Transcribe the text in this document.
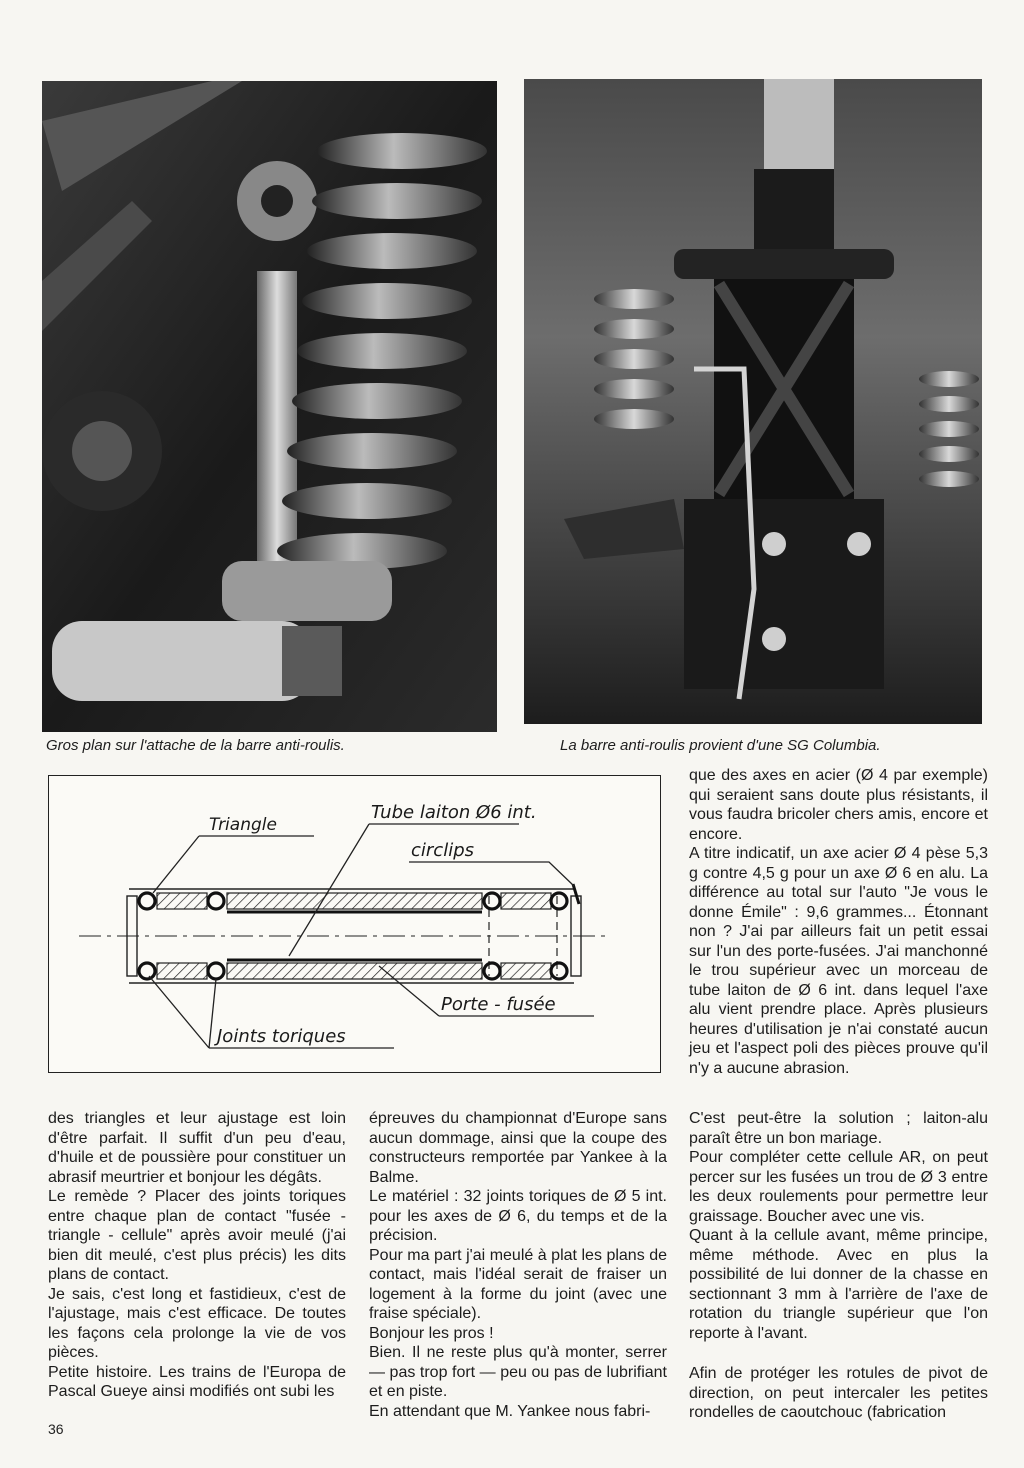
Gros plan sur l'attache de la barre anti-roulis.	La barre anti-roulis provient d'une SG Columbia.
Triangle
Tube laiton Ø6 int.
circlips
Porte - fusée
Joints toriques

que des axes en acier (Ø 4 par exemple) qui seraient sans doute plus résistants, il vous faudra bricoler chers amis, encore et encore.

A titre indicatif, un axe acier Ø 4 pèse 5,3 g contre 4,5 g pour un axe Ø 6 en alu. La différence au total sur l'auto "Je vous le donne Émile" : 9,6 grammes... Étonnant non ? J'ai par ailleurs fait un petit essai sur l'un des porte-fusées. J'ai manchonné le trou supérieur avec un morceau de tube laiton de Ø 6 int. dans lequel l'axe alu vient prendre place. Après plusieurs heures d'utilisation je n'ai constaté aucun jeu et l'aspect poli des pièces prouve qu'il n'y a aucune abrasion.

des triangles et leur ajustage est loin d'être parfait. Il suffit d'un peu d'eau, d'huile et de poussière pour constituer un abrasif meurtrier et bonjour les dégâts.

Le remède ? Placer des joints toriques entre chaque plan de contact "fusée - triangle - cellule" après avoir meulé (j'ai bien dit meulé, c'est plus précis) les dits plans de contact.

Je sais, c'est long et fastidieux, c'est de l'ajustage, mais c'est efficace. De toutes les façons cela prolonge la vie de vos pièces.

Petite histoire. Les trains de l'Europa de Pascal Gueye ainsi modifiés ont subi les

épreuves du championnat d'Europe sans aucun dommage, ainsi que la coupe des constructeurs remportée par Yankee à la Balme.

Le matériel : 32 joints toriques de Ø 5 int. pour les axes de Ø 6, du temps et de la précision.

Pour ma part j'ai meulé à plat les plans de contact, mais l'idéal serait de fraiser un logement à la forme du joint (avec une fraise spéciale).

Bonjour les pros !

Bien. Il ne reste plus qu'à monter, serrer — pas trop fort — peu ou pas de lubrifiant et en piste.

En attendant que M. Yankee nous fabri-

C'est peut-être la solution ; laiton-alu paraît être un bon mariage.

Pour compléter cette cellule AR, on peut percer sur les fusées un trou de Ø 3 entre les deux roulements pour permettre leur graissage. Boucher avec une vis.

Quant à la cellule avant, même principe, même méthode. Avec en plus la possibilité de lui donner de la chasse en sectionnant 3 mm à l'arrière de l'axe de rotation du triangle supérieur que l'on reporte à l'avant.

Afin de protéger les rotules de pivot de direction, on peut intercaler les petites rondelles de caoutchouc (fabrication

36
